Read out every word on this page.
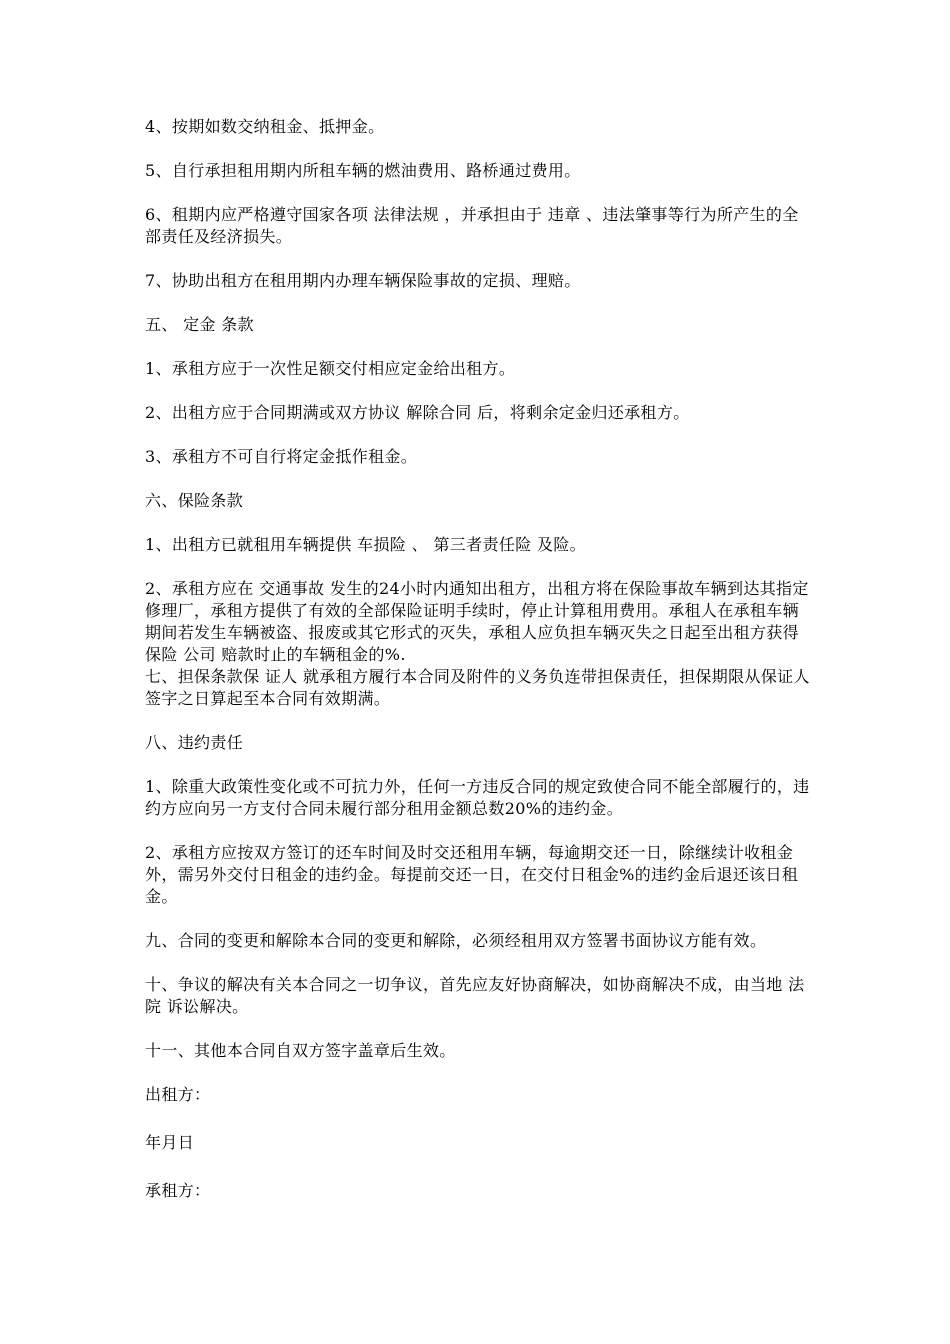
4、按期如数交纳租金、抵押金。

5、自行承担租用期内所租车辆的燃油费用、路桥通过费用。

6、租期内应严格遵守国家各项 法律法规 ，并承担由于 违章 、违法肇事等行为所产生的全部责任及经济损失。

7、协助出租方在租用期内办理车辆保险事故的定损、理赔。

五、 定金 条款

1、承租方应于一次性足额交付相应定金给出租方。

2、出租方应于合同期满或双方协议 解除合同 后，将剩余定金归还承租方。

3、承租方不可自行将定金抵作租金。

六、保险条款

1、出租方已就租用车辆提供 车损险 、 第三者责任险 及险。

2、承租方应在 交通事故 发生的24小时内通知出租方，出租方将在保险事故车辆到达其指定修理厂，承租方提供了有效的全部保险证明手续时，停止计算租用费用。承租人在承租车辆期间若发生车辆被盗、报废或其它形式的灭失，承租人应负担车辆灭失之日起至出租方获得保险 公司 赔款时止的车辆租金的%.

七、担保条款保 证人 就承租方履行本合同及附件的义务负连带担保责任，担保期限从保证人签字之日算起至本合同有效期满。

八、违约责任

1、除重大政策性变化或不可抗力外，任何一方违反合同的规定致使合同不能全部履行的，违约方应向另一方支付合同未履行部分租用金额总数20%的违约金。

2、承租方应按双方签订的还车时间及时交还租用车辆，每逾期交还一日，除继续计收租金外，需另外交付日租金的违约金。每提前交还一日，在交付日租金%的违约金后退还该日租金。

九、合同的变更和解除本合同的变更和解除，必须经租用双方签署书面协议方能有效。

十、争议的解决有关本合同之一切争议，首先应友好协商解决，如协商解决不成，由当地 法院 诉讼解决。

十一、其他本合同自双方签字盖章后生效。

出租方：

年月日

承租方：
